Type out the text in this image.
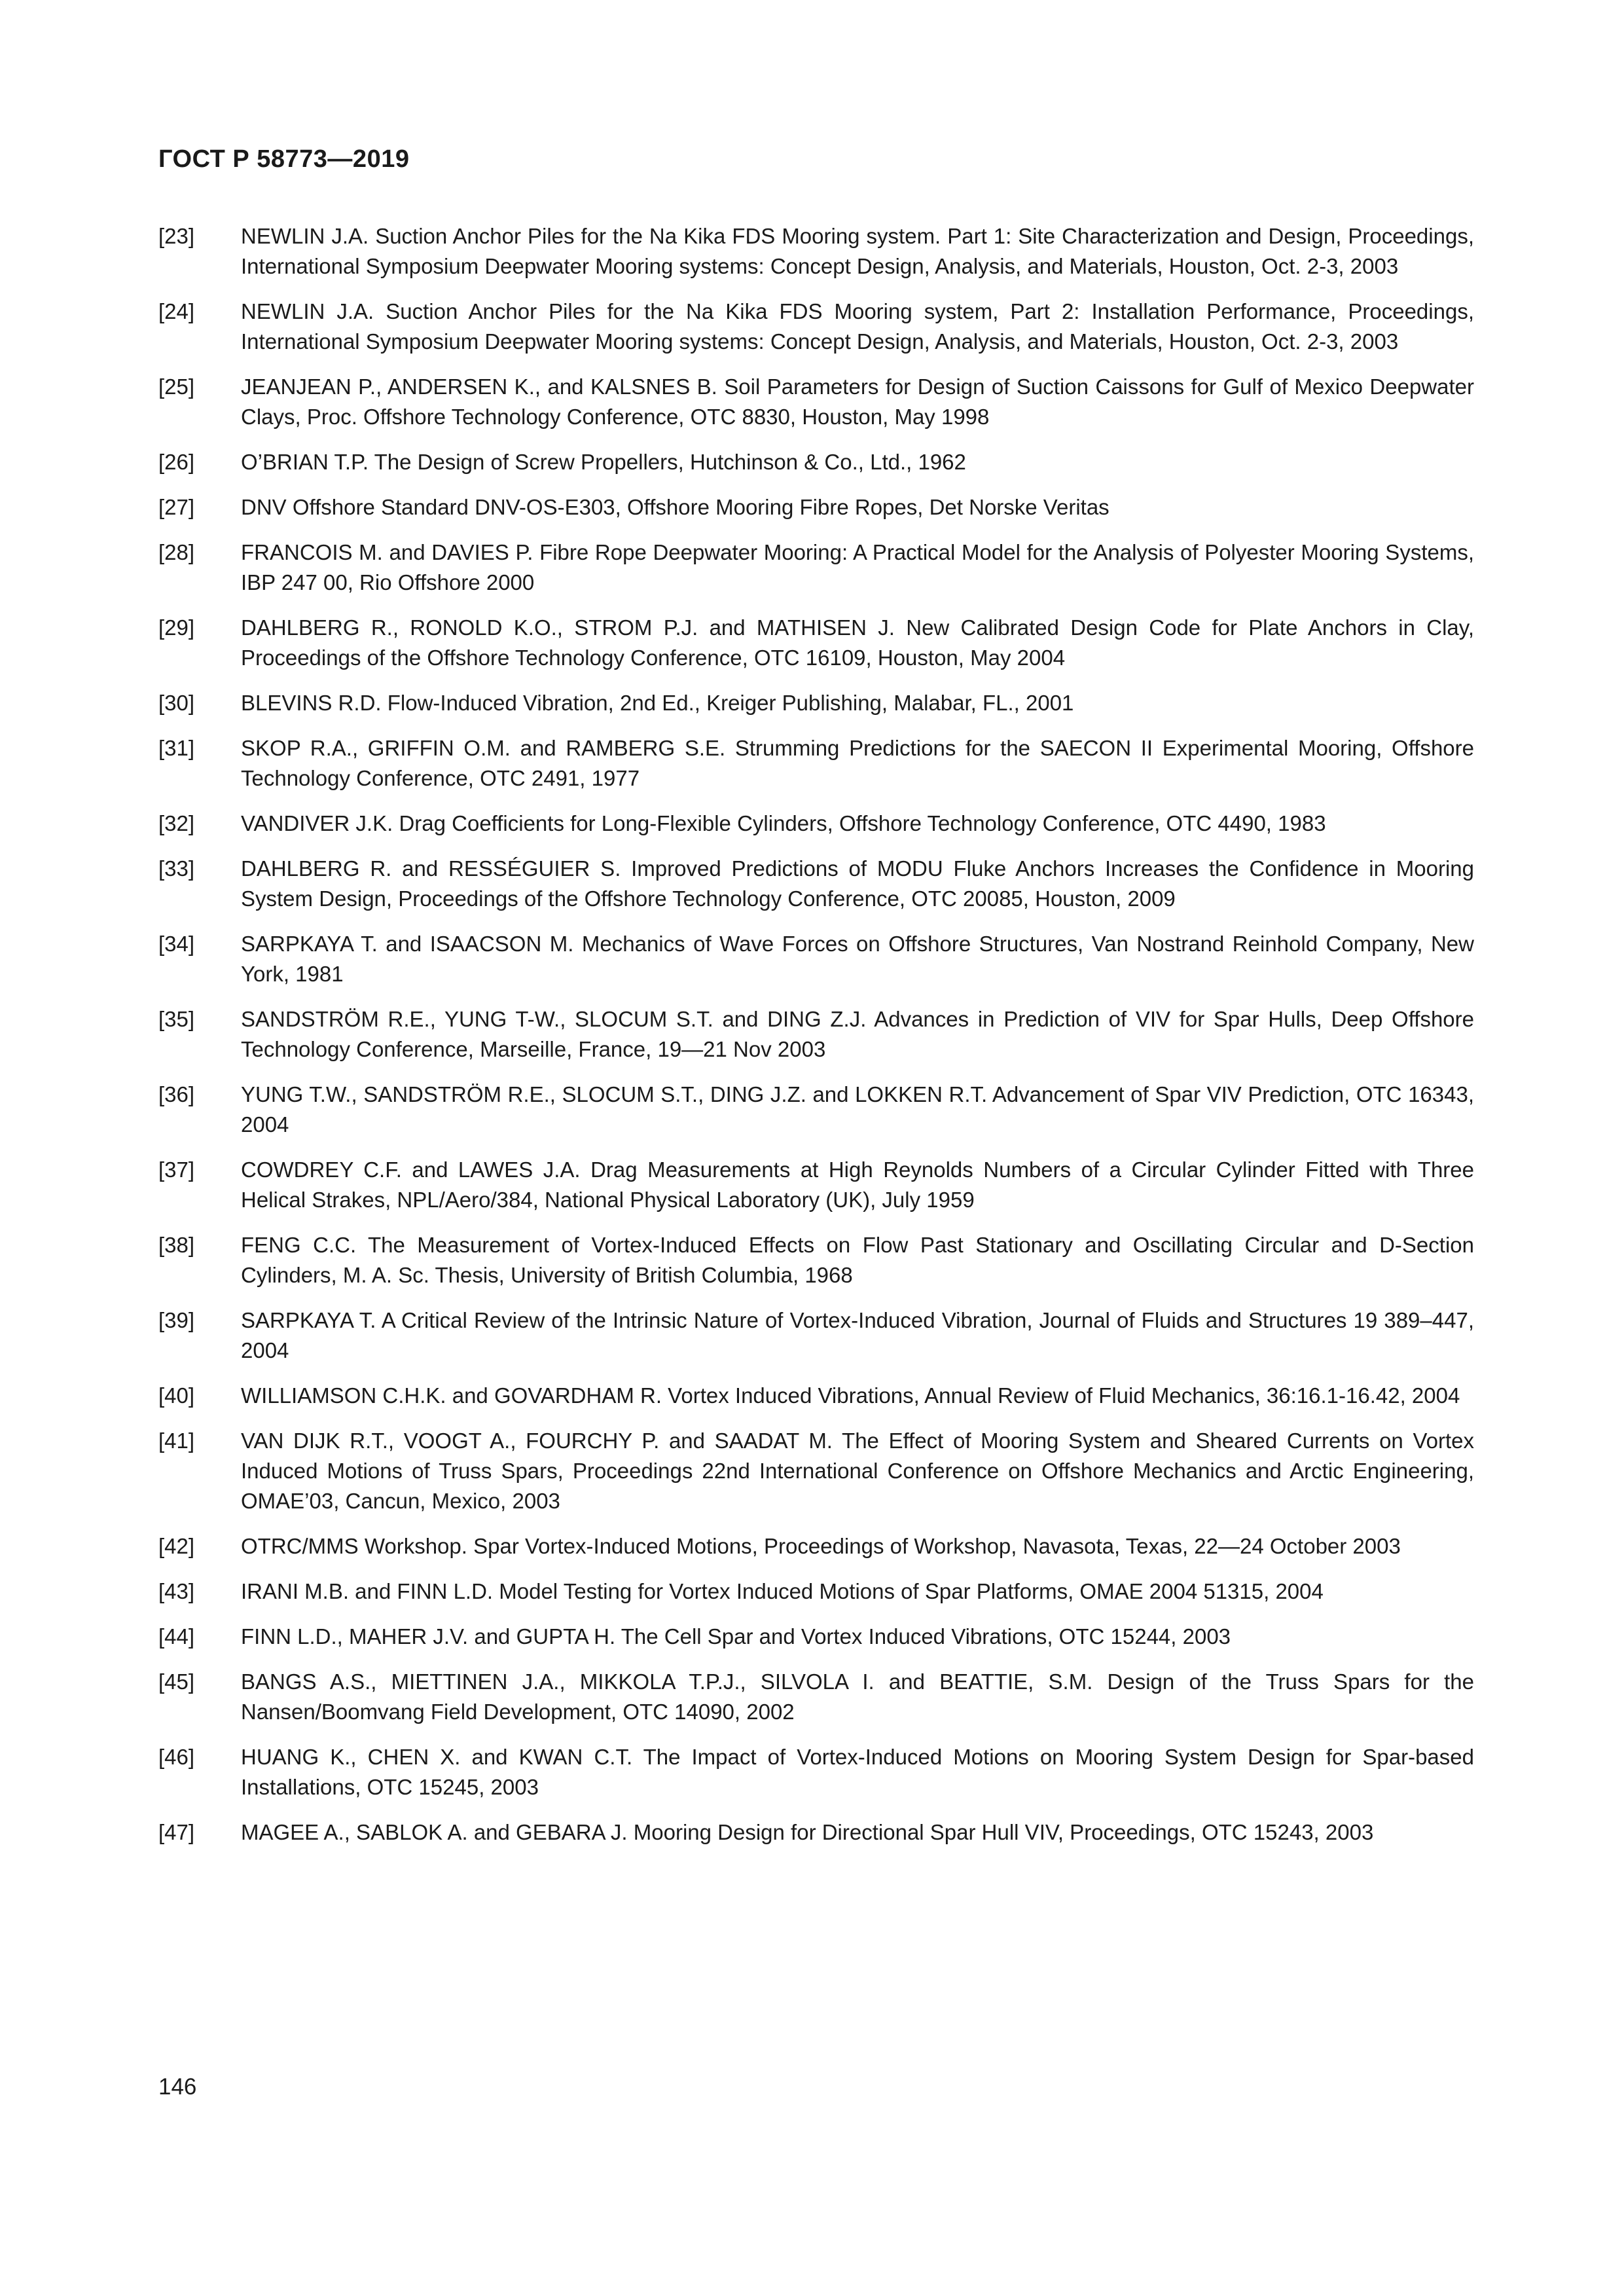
ГОСТ Р 58773—2019
[23]	NEWLIN J.A. Suction Anchor Piles for the Na Kika FDS Mooring system. Part 1: Site Characterization and Design, Proceedings, International Symposium Deepwater Mooring systems: Concept Design, Analysis, and Materials, Houston, Oct. 2-3, 2003
[24]	NEWLIN J.A. Suction Anchor Piles for the Na Kika FDS Mooring system, Part 2: Installation Performance, Proceedings, International Symposium Deepwater Mooring systems: Concept Design, Analysis, and Materials, Houston, Oct. 2-3, 2003
[25]	JEANJEAN P., ANDERSEN K., and KALSNES B. Soil Parameters for Design of Suction Caissons for Gulf of Mexico Deepwater Clays, Proc. Offshore Technology Conference, OTC 8830, Houston, May 1998
[26]	O’BRIAN T.P. The Design of Screw Propellers, Hutchinson & Co., Ltd., 1962
[27]	DNV Offshore Standard DNV-OS-E303, Offshore Mooring Fibre Ropes, Det Norske Veritas
[28]	FRANCOIS M. and DAVIES P. Fibre Rope Deepwater Mooring: A Practical Model for the Analysis of Polyester Mooring Systems, IBP 247 00, Rio Offshore 2000
[29]	DAHLBERG R., RONOLD K.O., STROM P.J. and MATHISEN J. New Calibrated Design Code for Plate Anchors in Clay, Proceedings of the Offshore Technology Conference, OTC 16109, Houston, May 2004
[30]	BLEVINS R.D. Flow-Induced Vibration, 2nd Ed., Kreiger Publishing, Malabar, FL., 2001
[31]	SKOP R.A., GRIFFIN O.M. and RAMBERG S.E. Strumming Predictions for the SAECON II Experimental Mooring, Offshore Technology Conference, OTC 2491, 1977
[32]	VANDIVER J.K. Drag Coefficients for Long-Flexible Cylinders, Offshore Technology Conference, OTC 4490, 1983
[33]	DAHLBERG R. and RESSÉGUIER S. Improved Predictions of MODU Fluke Anchors Increases the Confidence in Mooring System Design, Proceedings of the Offshore Technology Conference, OTC 20085, Houston, 2009
[34]	SARPKAYA T. and ISAACSON M. Mechanics of Wave Forces on Offshore Structures, Van Nostrand Reinhold Company, New York, 1981
[35]	SANDSTRÖM R.E., YUNG T-W., SLOCUM S.T. and DING Z.J. Advances in Prediction of VIV for Spar Hulls, Deep Offshore Technology Conference, Marseille, France, 19—21 Nov 2003
[36]	YUNG T.W., SANDSTRÖM R.E., SLOCUM S.T., DING J.Z. and LOKKEN R.T. Advancement of Spar VIV Prediction, OTC 16343, 2004
[37]	COWDREY C.F. and LAWES J.A. Drag Measurements at High Reynolds Numbers of a Circular Cylinder Fitted with Three Helical Strakes, NPL/Aero/384, National Physical Laboratory (UK), July 1959
[38]	FENG C.C. The Measurement of Vortex-Induced Effects on Flow Past Stationary and Oscillating Circular and D-Section Cylinders, M. A. Sc. Thesis, University of British Columbia, 1968
[39]	SARPKAYA T. A Critical Review of the Intrinsic Nature of Vortex-Induced Vibration, Journal of Fluids and Structures 19 389–447, 2004
[40]	WILLIAMSON C.H.K. and GOVARDHAM R. Vortex Induced Vibrations, Annual Review of Fluid Mechanics, 36:16.1-16.42, 2004
[41]	VAN DIJK R.T., VOOGT A., FOURCHY P. and SAADAT M. The Effect of Mooring System and Sheared Currents on Vortex Induced Motions of Truss Spars, Proceedings 22nd International Conference on Offshore Mechanics and Arctic Engineering, OMAE’03, Cancun, Mexico, 2003
[42]	OTRC/MMS Workshop. Spar Vortex-Induced Motions, Proceedings of Workshop, Navasota, Texas, 22—24 October 2003
[43]	IRANI M.B. and FINN L.D. Model Testing for Vortex Induced Motions of Spar Platforms, OMAE 2004 51315, 2004
[44]	FINN L.D., MAHER J.V. and GUPTA H. The Cell Spar and Vortex Induced Vibrations, OTC 15244, 2003
[45]	BANGS A.S., MIETTINEN J.A., MIKKOLA T.P.J., SILVOLA I. and BEATTIE, S.M. Design of the Truss Spars for the Nansen/Boomvang Field Development, OTC 14090, 2002
[46]	HUANG K., CHEN X. and KWAN C.T. The Impact of Vortex-Induced Motions on Mooring System Design for Spar-based Installations, OTC 15245, 2003
[47]	MAGEE A., SABLOK A. and GEBARA J. Mooring Design for Directional Spar Hull VIV, Proceedings, OTC 15243, 2003
146
